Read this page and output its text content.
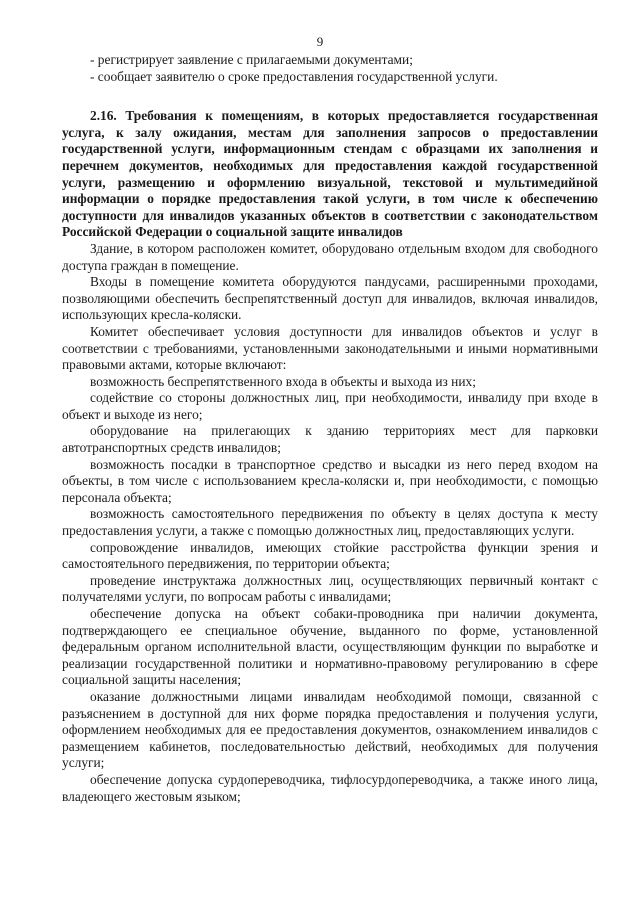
9

- регистрирует заявление с прилагаемыми документами;

- сообщает заявителю о сроке предоставления государственной услуги.

2.16. Требования к помещениям, в которых предоставляется государственная услуга, к залу ожидания, местам для заполнения запросов о предоставлении государственной услуги, информационным стендам с образцами их заполнения и перечнем документов, необходимых для предоставления каждой государственной услуги, размещению и оформлению визуальной, текстовой и мультимедийной информации о порядке предоставления такой услуги, в том числе к обеспечению доступности для инвалидов указанных объектов в соответствии с законодательством Российской Федерации о социальной защите инвалидов

Здание, в котором расположен комитет, оборудовано отдельным входом для свободного доступа граждан в помещение.

Входы в помещение комитета оборудуются пандусами, расширенными проходами, позволяющими обеспечить беспрепятственный доступ для инвалидов, включая инвалидов, использующих кресла-коляски.

Комитет обеспечивает условия доступности для инвалидов объектов и услуг в соответствии с требованиями, установленными законодательными и иными нормативными правовыми актами, которые включают:

возможность беспрепятственного входа в объекты и выхода из них;

содействие со стороны должностных лиц, при необходимости, инвалиду при входе в объект и выходе из него;

оборудование на прилегающих к зданию территориях мест для парковки автотранспортных средств инвалидов;

возможность посадки в транспортное средство и высадки из него перед входом на объекты, в том числе с использованием кресла-коляски и, при необходимости, с помощью персонала объекта;

возможность самостоятельного передвижения по объекту в целях доступа к месту предоставления услуги, а также с помощью должностных лиц, предоставляющих услуги.

сопровождение инвалидов, имеющих стойкие расстройства функции зрения и самостоятельного передвижения, по территории объекта;

проведение инструктажа должностных лиц, осуществляющих первичный контакт с получателями услуги, по вопросам работы с инвалидами;

обеспечение допуска на объект собаки-проводника при наличии документа, подтверждающего ее специальное обучение, выданного по форме, установленной федеральным органом исполнительной власти, осуществляющим функции по выработке и реализации государственной политики и нормативно-правовому регулированию в сфере социальной защиты населения;

оказание должностными лицами инвалидам необходимой помощи, связанной с разъяснением в доступной для них форме порядка предоставления и получения услуги, оформлением необходимых для ее предоставления документов, ознакомлением инвалидов с размещением кабинетов, последовательностью действий, необходимых для получения услуги;

обеспечение допуска сурдопереводчика, тифлосурдопереводчика, а также иного лица, владеющего жестовым языком;
